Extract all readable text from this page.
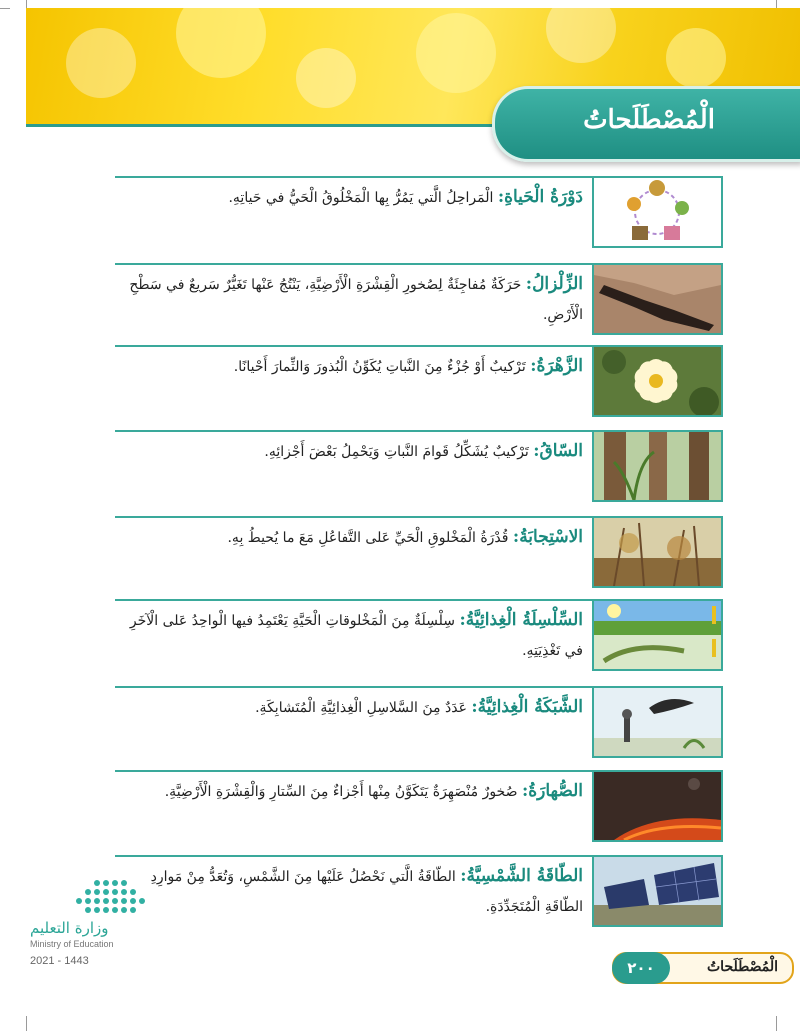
الْمُصْطَلَحاتُ
دَوْرَةُ الْحَياةِ: الْمَراحِلُ الَّتي يَمُرُّ بِها الْمَخْلُوقُ الْحَيُّ في حَياتِهِ.
الزِّلْزالُ: حَرَكَةٌ مُفاجِئَةٌ لِصُخورِ الْقِشْرَةِ الْأَرْضِيَّةِ، يَنْتُجُ عَنْها تَغَيُّرٌ سَريعٌ في سَطْحِ الْأَرْضِ.
الزَّهْرَةُ: تَرْكيبٌ أَوْ جُزْءٌ مِنَ النَّباتِ يُكَوِّنُ الْبُذورَ وَالثِّمارَ أَحْيانًا.
السّاقُ: تَرْكيبٌ يُشَكِّلُ قَوامَ النَّباتِ وَيَحْمِلُ بَعْضَ أَجْزائِهِ.
الاسْتِجابَةُ: قُدْرَةُ الْمَخْلوقِ الْحَيِّ عَلى التَّفاعُلِ مَعَ ما يُحيطُ بِهِ.
السِّلْسِلَةُ الْغِذائِيَّةُ: سِلْسِلَةٌ مِنَ الْمَخْلوقاتِ الْحَيَّةِ يَعْتَمِدُ فيها الْواحِدُ عَلى الْآخَرِ في تَغْذِيَتِهِ.
الشَّبَكَةُ الْغِذائِيَّةُ: عَدَدٌ مِنَ السَّلاسِلِ الْغِذائِيَّةِ الْمُتَشابِكَةِ.
الصُّهارَةُ: صُخورٌ مُنْصَهِرَةٌ يَتَكَوَّنُ مِنْها أَجْزاءٌ مِنَ السِّتارِ وَالْقِشْرَةِ الْأَرْضِيَّةِ.
الطّاقَةُ الشَّمْسِيَّةُ: الطّاقَةُ الَّتي نَحْصُلُ عَلَيْها مِنَ الشَّمْسِ، وَتُعَدُّ مِنْ مَوارِدِ الطّاقَةِ الْمُتَجَدِّدَةِ.
وزارة التعليم
Ministry of Education
2021 - 1443	الْمُصْطَلَحاتُ
٢٠٠
